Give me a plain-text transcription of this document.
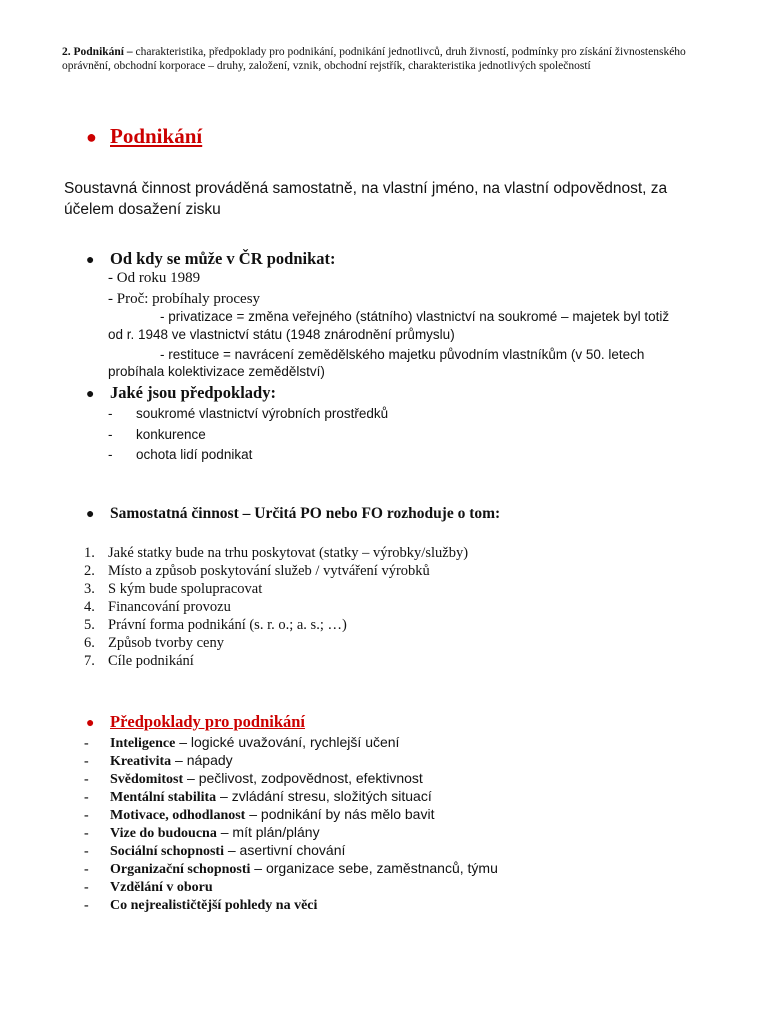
2. Podnikání – charakteristika, předpoklady pro podnikání, podnikání jednotlivců, druh živností, podmínky pro získání živnostenského oprávnění, obchodní korporace – druhy, založení, vznik, obchodní rejstřík, charakteristika jednotlivých společností
● Podnikání
Soustavná činnost prováděná samostatně, na vlastní jméno, na vlastní odpovědnost, za účelem dosažení zisku
● Od kdy se může v ČR podnikat:
- Od roku 1989
- Proč: probíhaly procesy
- privatizace = změna veřejného (státního) vlastnictví na soukromé – majetek byl totiž
od r. 1948 ve vlastnictví státu (1948 znárodnění průmyslu)
- restituce = navrácení zemědělského majetku původním vlastníkům (v 50. letech
probíhala kolektivizace zemědělství)
● Jaké jsou předpoklady:
- soukromé vlastnictví výrobních prostředků
- konkurence
- ochota lidí podnikat
● Samostatná činnost – Určitá PO nebo FO rozhoduje o tom:
1. Jaké statky bude na trhu poskytovat (statky – výrobky/služby)
2. Místo a způsob poskytování služeb / vytváření výrobků
3. S kým bude spolupracovat
4. Financování provozu
5. Právní forma podnikání (s. r. o.; a. s.; …)
6. Způsob tvorby ceny
7. Cíle podnikání
● Předpoklady pro podnikání
- Inteligence – logické uvažování, rychlejší učení
- Kreativita – nápady
- Svědomitost – pečlivost, zodpovědnost, efektivnost
- Mentální stabilita – zvládání stresu, složitých situací
- Motivace, odhodlanost – podnikání by nás mělo bavit
- Vize do budoucna – mít plán/plány
- Sociální schopnosti – asertivní chování
- Organizační schopnosti – organizace sebe, zaměstnanců, týmu
- Vzdělání v oboru
- Co nejrealističtější pohledy na věci
